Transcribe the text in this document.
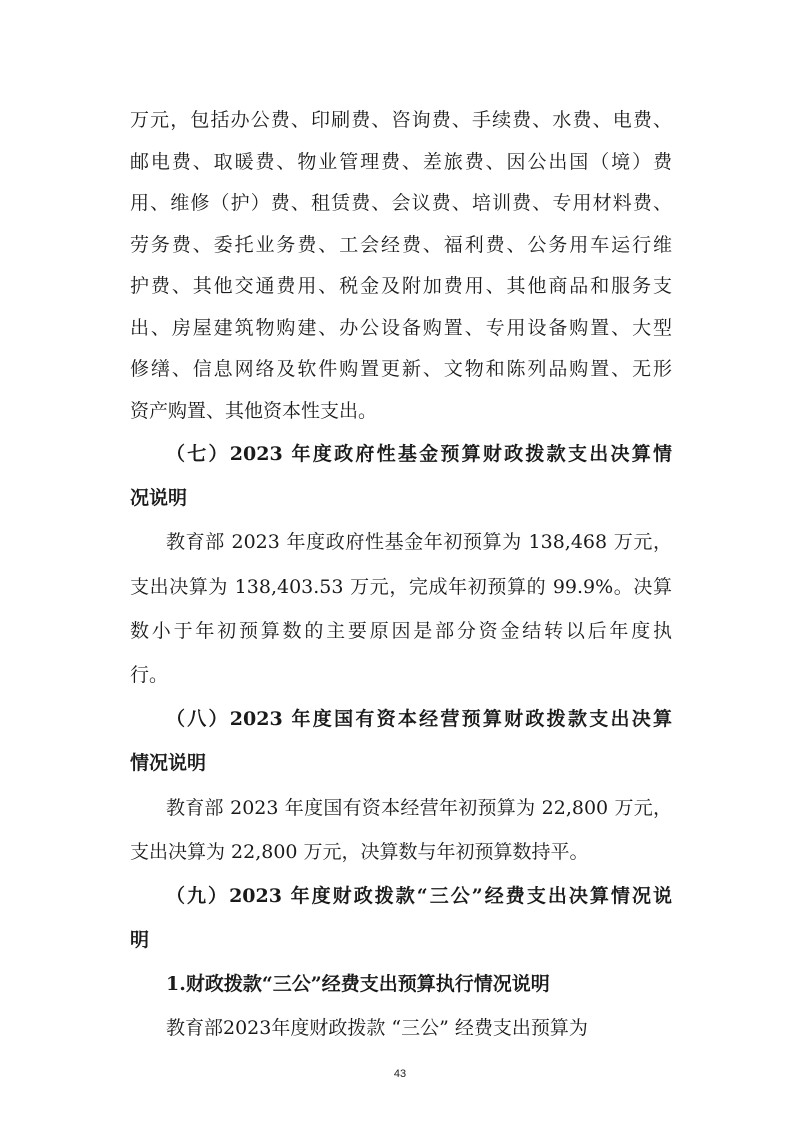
万元，包括办公费、印刷费、咨询费、手续费、水费、电费、
邮电费、取暖费、物业管理费、差旅费、因公出国（境）费
用、维修（护）费、租赁费、会议费、培训费、专用材料费、
劳务费、委托业务费、工会经费、福利费、公务用车运行维
护费、其他交通费用、税金及附加费用、其他商品和服务支
出、房屋建筑物购建、办公设备购置、专用设备购置、大型
修缮、信息网络及软件购置更新、文物和陈列品购置、无形
资产购置、其他资本性支出。
（七）2023 年度政府性基金预算财政拨款支出决算情
况说明
教育部 2023 年度政府性基金年初预算为 138,468 万元，
支出决算为 138,403.53 万元，完成年初预算的 99.9%。决算
数小于年初预算数的主要原因是部分资金结转以后年度执
行。
（八）2023 年度国有资本经营预算财政拨款支出决算
情况说明
教育部 2023 年度国有资本经营年初预算为 22,800 万元，
支出决算为 22,800 万元，决算数与年初预算数持平。
（九）2023 年度财政拨款“三公”经费支出决算情况说
明
1.财政拨款“三公”经费支出预算执行情况说明
教育部2023年度财政拨款 “三公” 经费支出预算为
43
